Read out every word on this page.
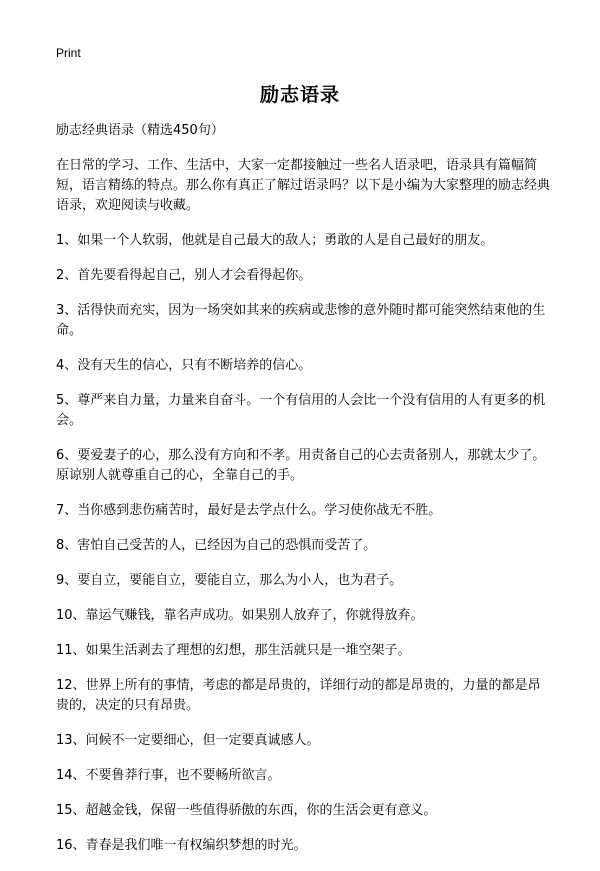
Print
励志语录

励志经典语录（精选450句）

在日常的学习、工作、生活中，大家一定都接触过一些名人语录吧，语录具有篇幅简短，语言精练的特点。那么你有真正了解过语录吗？以下是小编为大家整理的励志经典语录，欢迎阅读与收藏。

1、如果一个人软弱，他就是自己最大的敌人；勇敢的人是自己最好的朋友。

2、首先要看得起自己，别人才会看得起你。

3、活得快而充实，因为一场突如其来的疾病或悲惨的意外随时都可能突然结束他的生命。

4、没有天生的信心，只有不断培养的信心。

5、尊严来自力量，力量来自奋斗。一个有信用的人会比一个没有信用的人有更多的机会。

6、要爱妻子的心，那么没有方向和不孝。用责备自己的心去责备别人，那就太少了。原谅别人就尊重自己的心，全靠自己的手。

7、当你感到悲伤痛苦时，最好是去学点什么。学习使你战无不胜。

8、害怕自己受苦的人，已经因为自己的恐惧而受苦了。

9、要自立，要能自立，要能自立，那么为小人，也为君子。

10、靠运气赚钱，靠名声成功。如果别人放弃了，你就得放弃。

11、如果生活剥去了理想的幻想，那生活就只是一堆空架子。

12、世界上所有的事情，考虑的都是昂贵的，详细行动的都是昂贵的，力量的都是昂贵的，决定的只有昂贵。

13、问候不一定要细心，但一定要真诚感人。

14、不要鲁莽行事，也不要畅所欲言。

15、超越金钱，保留一些值得骄傲的东西，你的生活会更有意义。

16、青春是我们唯一有权编织梦想的时光。
